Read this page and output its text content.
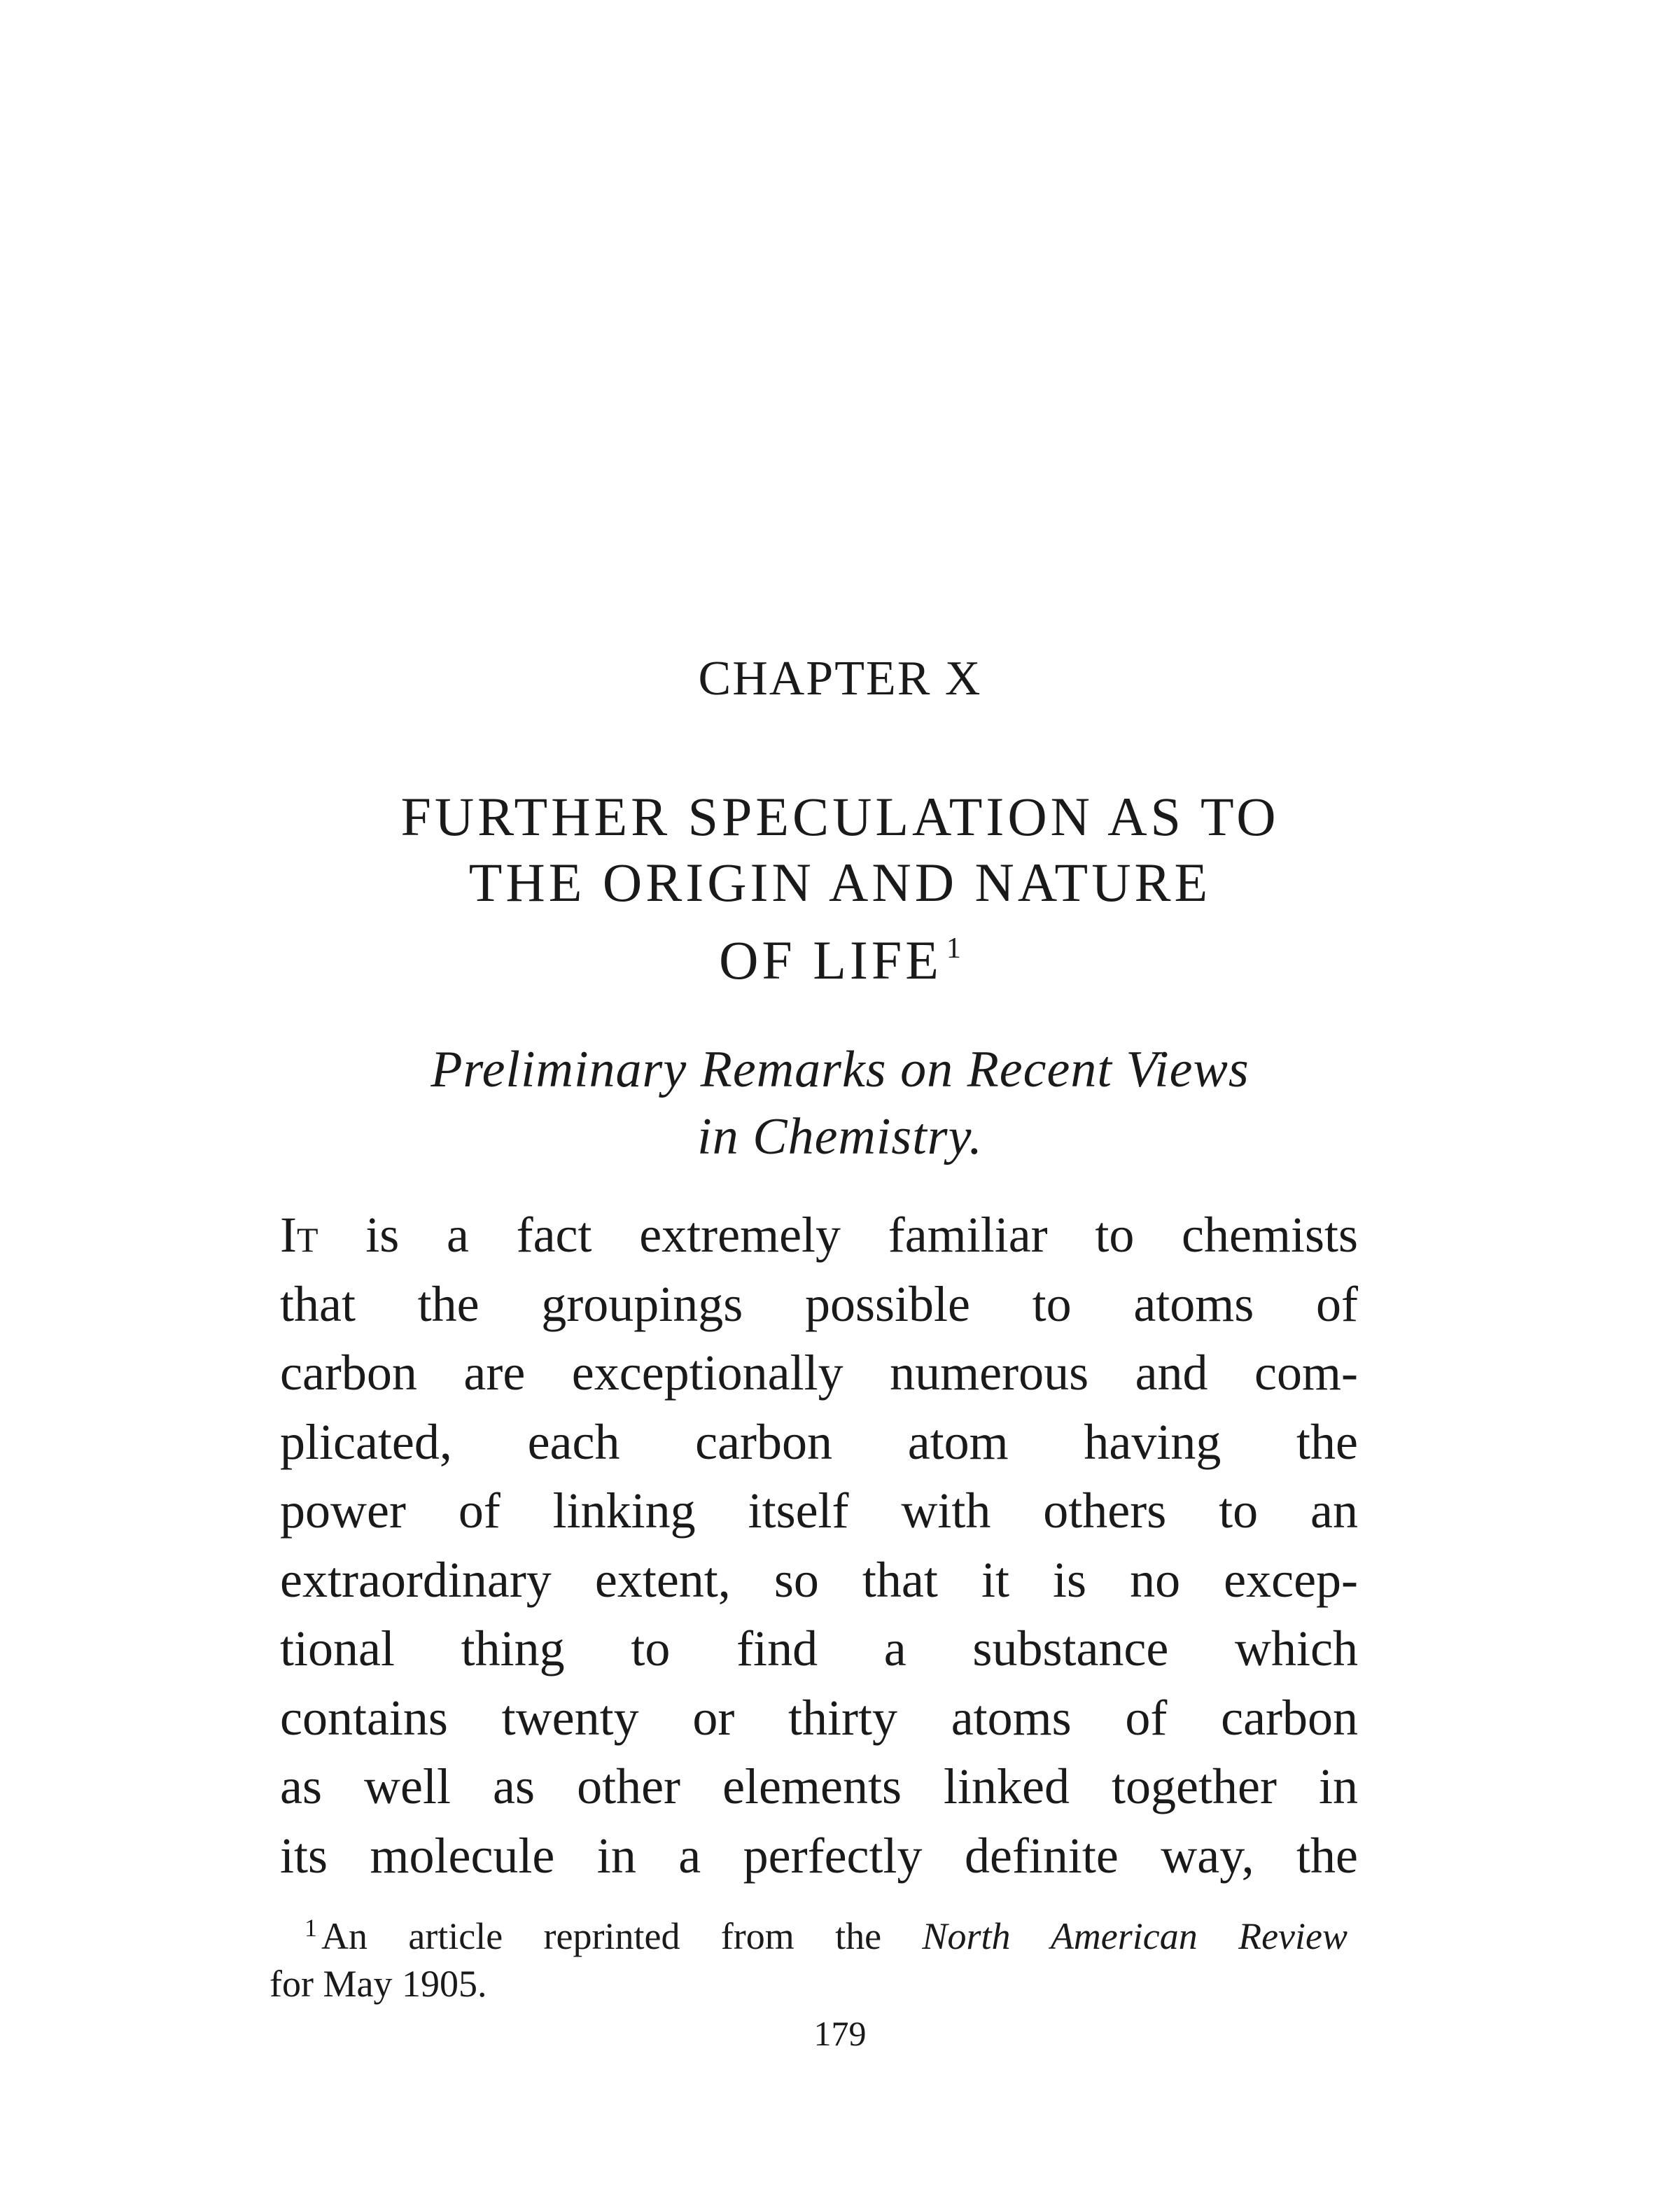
CHAPTER X
FURTHER SPECULATION AS TO
THE ORIGIN AND NATURE
OF LIFE $^1$
Preliminary Remarks on Recent Views
in Chemistry.
It is a fact extremely familiar to chemists
that the groupings possible to atoms of
carbon are exceptionally numerous and com-
plicated, each carbon atom having the
power of linking itself with others to an
extraordinary extent, so that it is no excep-
tional thing to find a substance which
contains twenty or thirty atoms of carbon
as well as other elements linked together in
its molecule in a perfectly definite way, the
$^1$ An article reprinted from the North American Review
for May 1905.
179
